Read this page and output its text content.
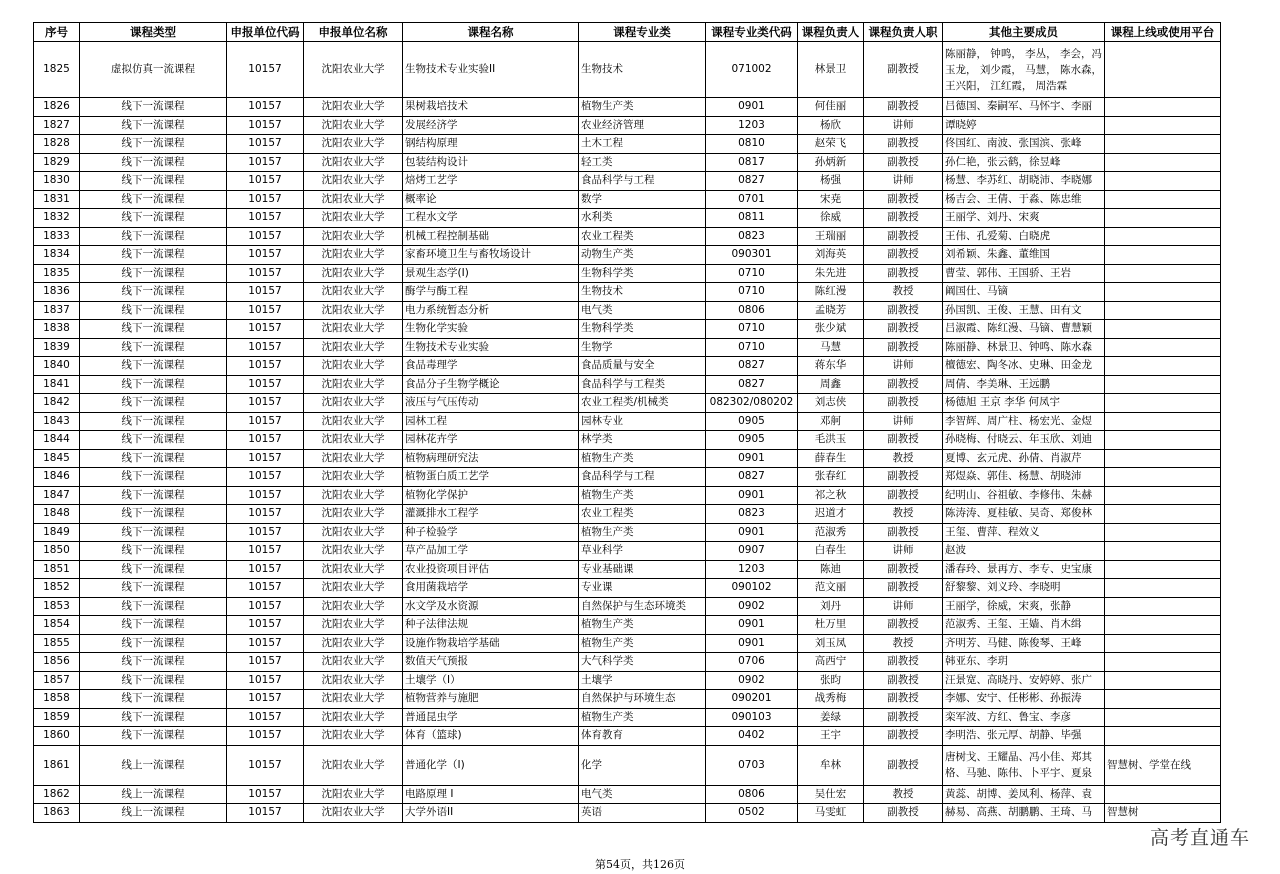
序号	课程类型	申报单位代码	申报单位名称	课程名称	课程专业类	课程专业类代码	课程负责人	课程负责人职	其他主要成员	课程上线或使用平台
1825	虚拟仿真一流课程	10157	沈阳农业大学	生物技术专业实验II	生物技术	071002	林景卫	副教授	陈丽静， 钟鸣， 李丛， 李会，冯 玉龙， 刘少霞， 马慧， 陈水森， 王兴阳， 江红霞， 周浩霖	
1826	线下一流课程	10157	沈阳农业大学	果树栽培技术	植物生产类	0901	何佳丽	副教授	吕德国、秦嗣军、马怀宇、李丽	
1827	线下一流课程	10157	沈阳农业大学	发展经济学	农业经济管理	1203	杨欣	讲师	谭晓婷	
1828	线下一流课程	10157	沈阳农业大学	钢结构原理	土木工程	0810	赵荣飞	副教授	佟国红、南波、张国滨、张峰	
1829	线下一流课程	10157	沈阳农业大学	包装结构设计	轻工类	0817	孙炳新	副教授	孙仁艳，张云鹤，徐昱峰	
1830	线下一流课程	10157	沈阳农业大学	焙烤工艺学	食品科学与工程	0827	杨强	讲师	杨慧、李苏红、胡晓沛、李晓娜	
1831	线下一流课程	10157	沈阳农业大学	概率论	数学	0701	宋尭	副教授	杨吉会、王倩、于淼、陈忠维	
1832	线下一流课程	10157	沈阳农业大学	工程水文学	水利类	0811	徐威	副教授	王丽学、刘丹、宋爽	
1833	线下一流课程	10157	沈阳农业大学	机械工程控制基础	农业工程类	0823	王瑞丽	副教授	王伟、孔爱菊、白晓虎	
1834	线下一流课程	10157	沈阳农业大学	家畜环境卫生与畜牧场设计	动物生产类	090301	刘海英	副教授	刘希颖、朱鑫、董维国	
1835	线下一流课程	10157	沈阳农业大学	景观生态学(I)	生物科学类	0710	朱先进	副教授	曹莹、郭伟、王国骄、王岩	
1836	线下一流课程	10157	沈阳农业大学	酶学与酶工程	生物技术	0710	陈红漫	教授	阚国仕、马镝	
1837	线下一流课程	10157	沈阳农业大学	电力系统暂态分析	电气类	0806	孟晓芳	副教授	孙国凯、王俊、王慧、田有文	
1838	线下一流课程	10157	沈阳农业大学	生物化学实验	生物科学类	0710	张少斌	副教授	吕淑霞、陈红漫、马镝、曹慧颖	
1839	线下一流课程	10157	沈阳农业大学	生物技术专业实验	生物学	0710	马慧	副教授	陈丽静、林景卫、钟鸣、陈水森	
1840	线下一流课程	10157	沈阳农业大学	食品毒理学	食品质量与安全	0827	蒋东华	讲师	檀德宏、陶冬冰、史琳、田金龙	
1841	线下一流课程	10157	沈阳农业大学	食品分子生物学概论	食品科学与工程类	0827	周鑫	副教授	周倩、李美琳、王远鹏	
1842	线下一流课程	10157	沈阳农业大学	液压与气压传动	农业工程类/机械类	082302/080202	刘志侠	副教授	杨德旭 王京 李华 何凤宇	
1843	线下一流课程	10157	沈阳农业大学	园林工程	园林专业	0905	邓舸	讲师	李智辉、周广柱、杨宏光、金煜	
1844	线下一流课程	10157	沈阳农业大学	园林花卉学	林学类	0905	毛洪玉	副教授	孙晓梅、付晓云、年玉欣、刘迪	
1845	线下一流课程	10157	沈阳农业大学	植物病理研究法	植物生产类	0901	薛春生	教授	夏博、玄元虎、孙倩、肖淑芹	
1846	线下一流课程	10157	沈阳农业大学	植物蛋白质工艺学	食品科学与工程	0827	张春红	副教授	郑煜焱、郭佳、杨慧、胡晓沛	
1847	线下一流课程	10157	沈阳农业大学	植物化学保护	植物生产类	0901	祁之秋	副教授	纪明山、谷祖敏、李修伟、朱赫	
1848	线下一流课程	10157	沈阳农业大学	灌溉排水工程学	农业工程类	0823	迟道才	教授	陈涛涛、夏桂敏、吴奇、郑俊林	
1849	线下一流课程	10157	沈阳农业大学	种子检验学	植物生产类	0901	范淑秀	副教授	王玺、曹萍、程效义	
1850	线下一流课程	10157	沈阳农业大学	草产品加工学	草业科学	0907	白春生	讲师	赵波	
1851	线下一流课程	10157	沈阳农业大学	农业投资项目评估	专业基础课	1203	陈迪	副教授	潘春玲、景再方、李专、史宝康	
1852	线下一流课程	10157	沈阳农业大学	食用菌栽培学	专业课	090102	范文丽	副教授	舒黎黎、刘义玲、李晓明	
1853	线下一流课程	10157	沈阳农业大学	水文学及水资源	自然保护与生态环境类	0902	刘丹	讲师	王丽学，徐威，宋爽，张静	
1854	线下一流课程	10157	沈阳农业大学	种子法律法规	植物生产类	0901	杜万里	副教授	范淑秀、王玺、王嫱、肖木缉	
1855	线下一流课程	10157	沈阳农业大学	设施作物栽培学基础	植物生产类	0901	刘玉凤	教授	齐明芳、马健、陈俊琴、王峰	
1856	线下一流课程	10157	沈阳农业大学	数值天气预报	大气科学类	0706	高西宁	副教授	韩亚东、李玥	
1857	线下一流课程	10157	沈阳农业大学	土壤学（Ⅰ）	土壤学	0902	张昀	副教授	汪景宽、高晓丹、安婷婷、张广	
1858	线下一流课程	10157	沈阳农业大学	植物营养与施肥	自然保护与环境生态	090201	战秀梅	副教授	李娜、安宁、任彬彬、孙振涛	
1859	线下一流课程	10157	沈阳农业大学	普通昆虫学	植物生产类	090103	姜绿	副教授	栾军波、方红、鲁宝、李彦	
1860	线下一流课程	10157	沈阳农业大学	体育（篮球)	体育教育	0402	王宇	副教授	李明浩、张元厚、胡静、毕强	
1861	线上一流课程	10157	沈阳农业大学	普通化学（I)	化学	0703	牟林	副教授	唐树戈、王耀晶、冯小佳、郑其格、马驰、陈伟、卜平宇、夏泉	智慧树、学堂在线
1862	线上一流课程	10157	沈阳农业大学	电路原理 I	电气类	0806	吴仕宏	教授	黄蕊、胡博、姜凤利、杨萍、袁	
1863	线上一流课程	10157	沈阳农业大学	大学外语II	英语	0502	马雯虹	副教授	赫易、高燕、胡鹏鹏、王琦、马	智慧树
第54页，共126页
高考直通车
